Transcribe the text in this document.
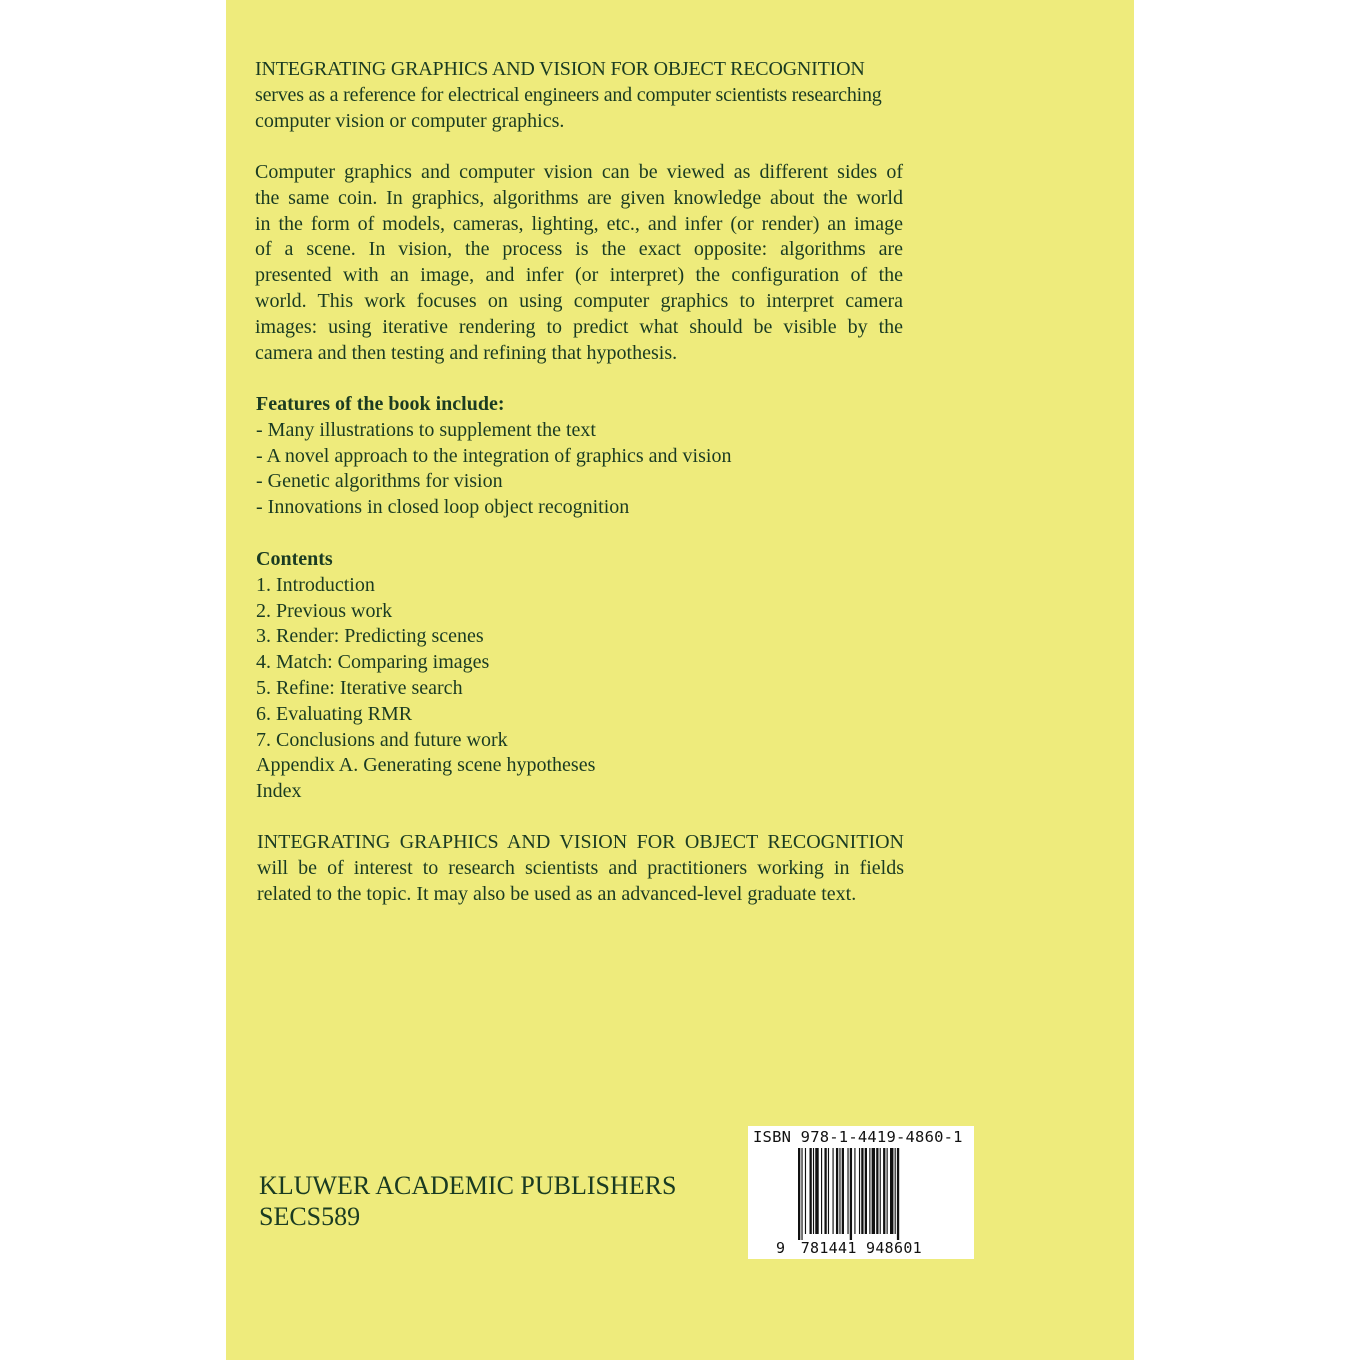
INTEGRATING GRAPHICS AND VISION FOR OBJECT RECOGNITION
serves as a reference for electrical engineers and computer scientists researching
computer vision or computer graphics.
Computer graphics and computer vision can be viewed as different sides of
the same coin. In graphics, algorithms are given knowledge about the world
in the form of models, cameras, lighting, etc., and infer (or render) an image
of a scene. In vision, the process is the exact opposite: algorithms are
presented with an image, and infer (or interpret) the configuration of the
world. This work focuses on using computer graphics to interpret camera
images: using iterative rendering to predict what should be visible by the
camera and then testing and refining that hypothesis.
Features of the book include:
- Many illustrations to supplement the text
- A novel approach to the integration of graphics and vision
- Genetic algorithms for vision
- Innovations in closed loop object recognition
Contents
1. Introduction
2. Previous work
3. Render: Predicting scenes
4. Match: Comparing images
5. Refine: Iterative search
6. Evaluating RMR
7. Conclusions and future work
Appendix A. Generating scene hypotheses
Index
INTEGRATING GRAPHICS AND VISION FOR OBJECT RECOGNITION
will be of interest to research scientists and practitioners working in fields
related to the topic. It may also be used as an advanced-level graduate text.
KLUWER ACADEMIC PUBLISHERS
SECS589
ISBN 978-1-4419-4860-1
9 781441 948601
